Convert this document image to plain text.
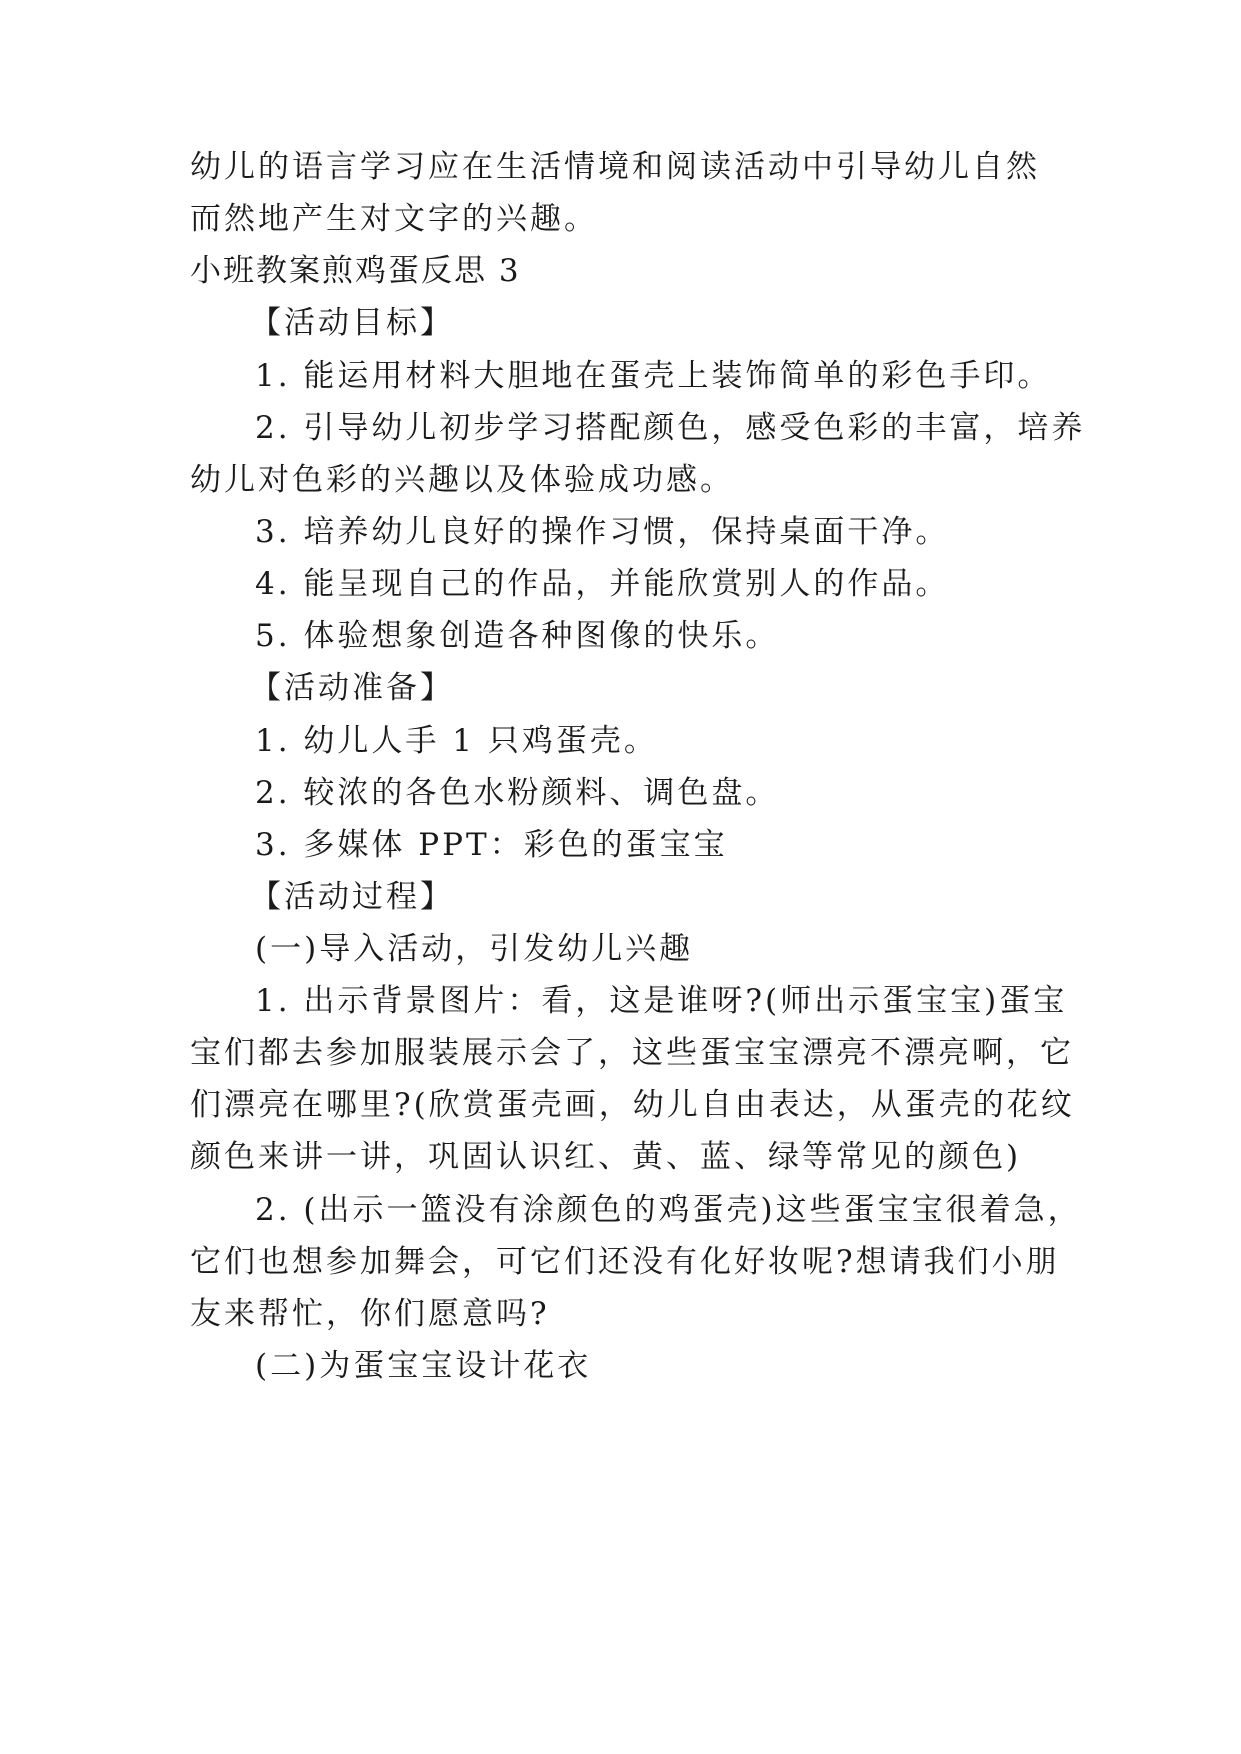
幼儿的语言学习应在生活情境和阅读活动中引导幼儿自然

而然地产生对文字的兴趣。

小班教案煎鸡蛋反思 3

【活动目标】

1. 能运用材料大胆地在蛋壳上装饰简单的彩色手印。

2. 引导幼儿初步学习搭配颜色，感受色彩的丰富，培养

幼儿对色彩的兴趣以及体验成功感。

3. 培养幼儿良好的操作习惯，保持桌面干净。

4. 能呈现自己的作品，并能欣赏别人的作品。

5. 体验想象创造各种图像的快乐。

【活动准备】

1. 幼儿人手 1 只鸡蛋壳。

2. 较浓的各色水粉颜料、调色盘。

3. 多媒体 PPT：彩色的蛋宝宝

【活动过程】

(一)导入活动，引发幼儿兴趣

1. 出示背景图片：看，这是谁呀?(师出示蛋宝宝)蛋宝

宝们都去参加服装展示会了，这些蛋宝宝漂亮不漂亮啊，它

们漂亮在哪里?(欣赏蛋壳画，幼儿自由表达，从蛋壳的花纹

颜色来讲一讲，巩固认识红、黄、蓝、绿等常见的颜色)

2. (出示一篮没有涂颜色的鸡蛋壳)这些蛋宝宝很着急，

它们也想参加舞会，可它们还没有化好妆呢?想请我们小朋

友来帮忙，你们愿意吗?

(二)为蛋宝宝设计花衣
